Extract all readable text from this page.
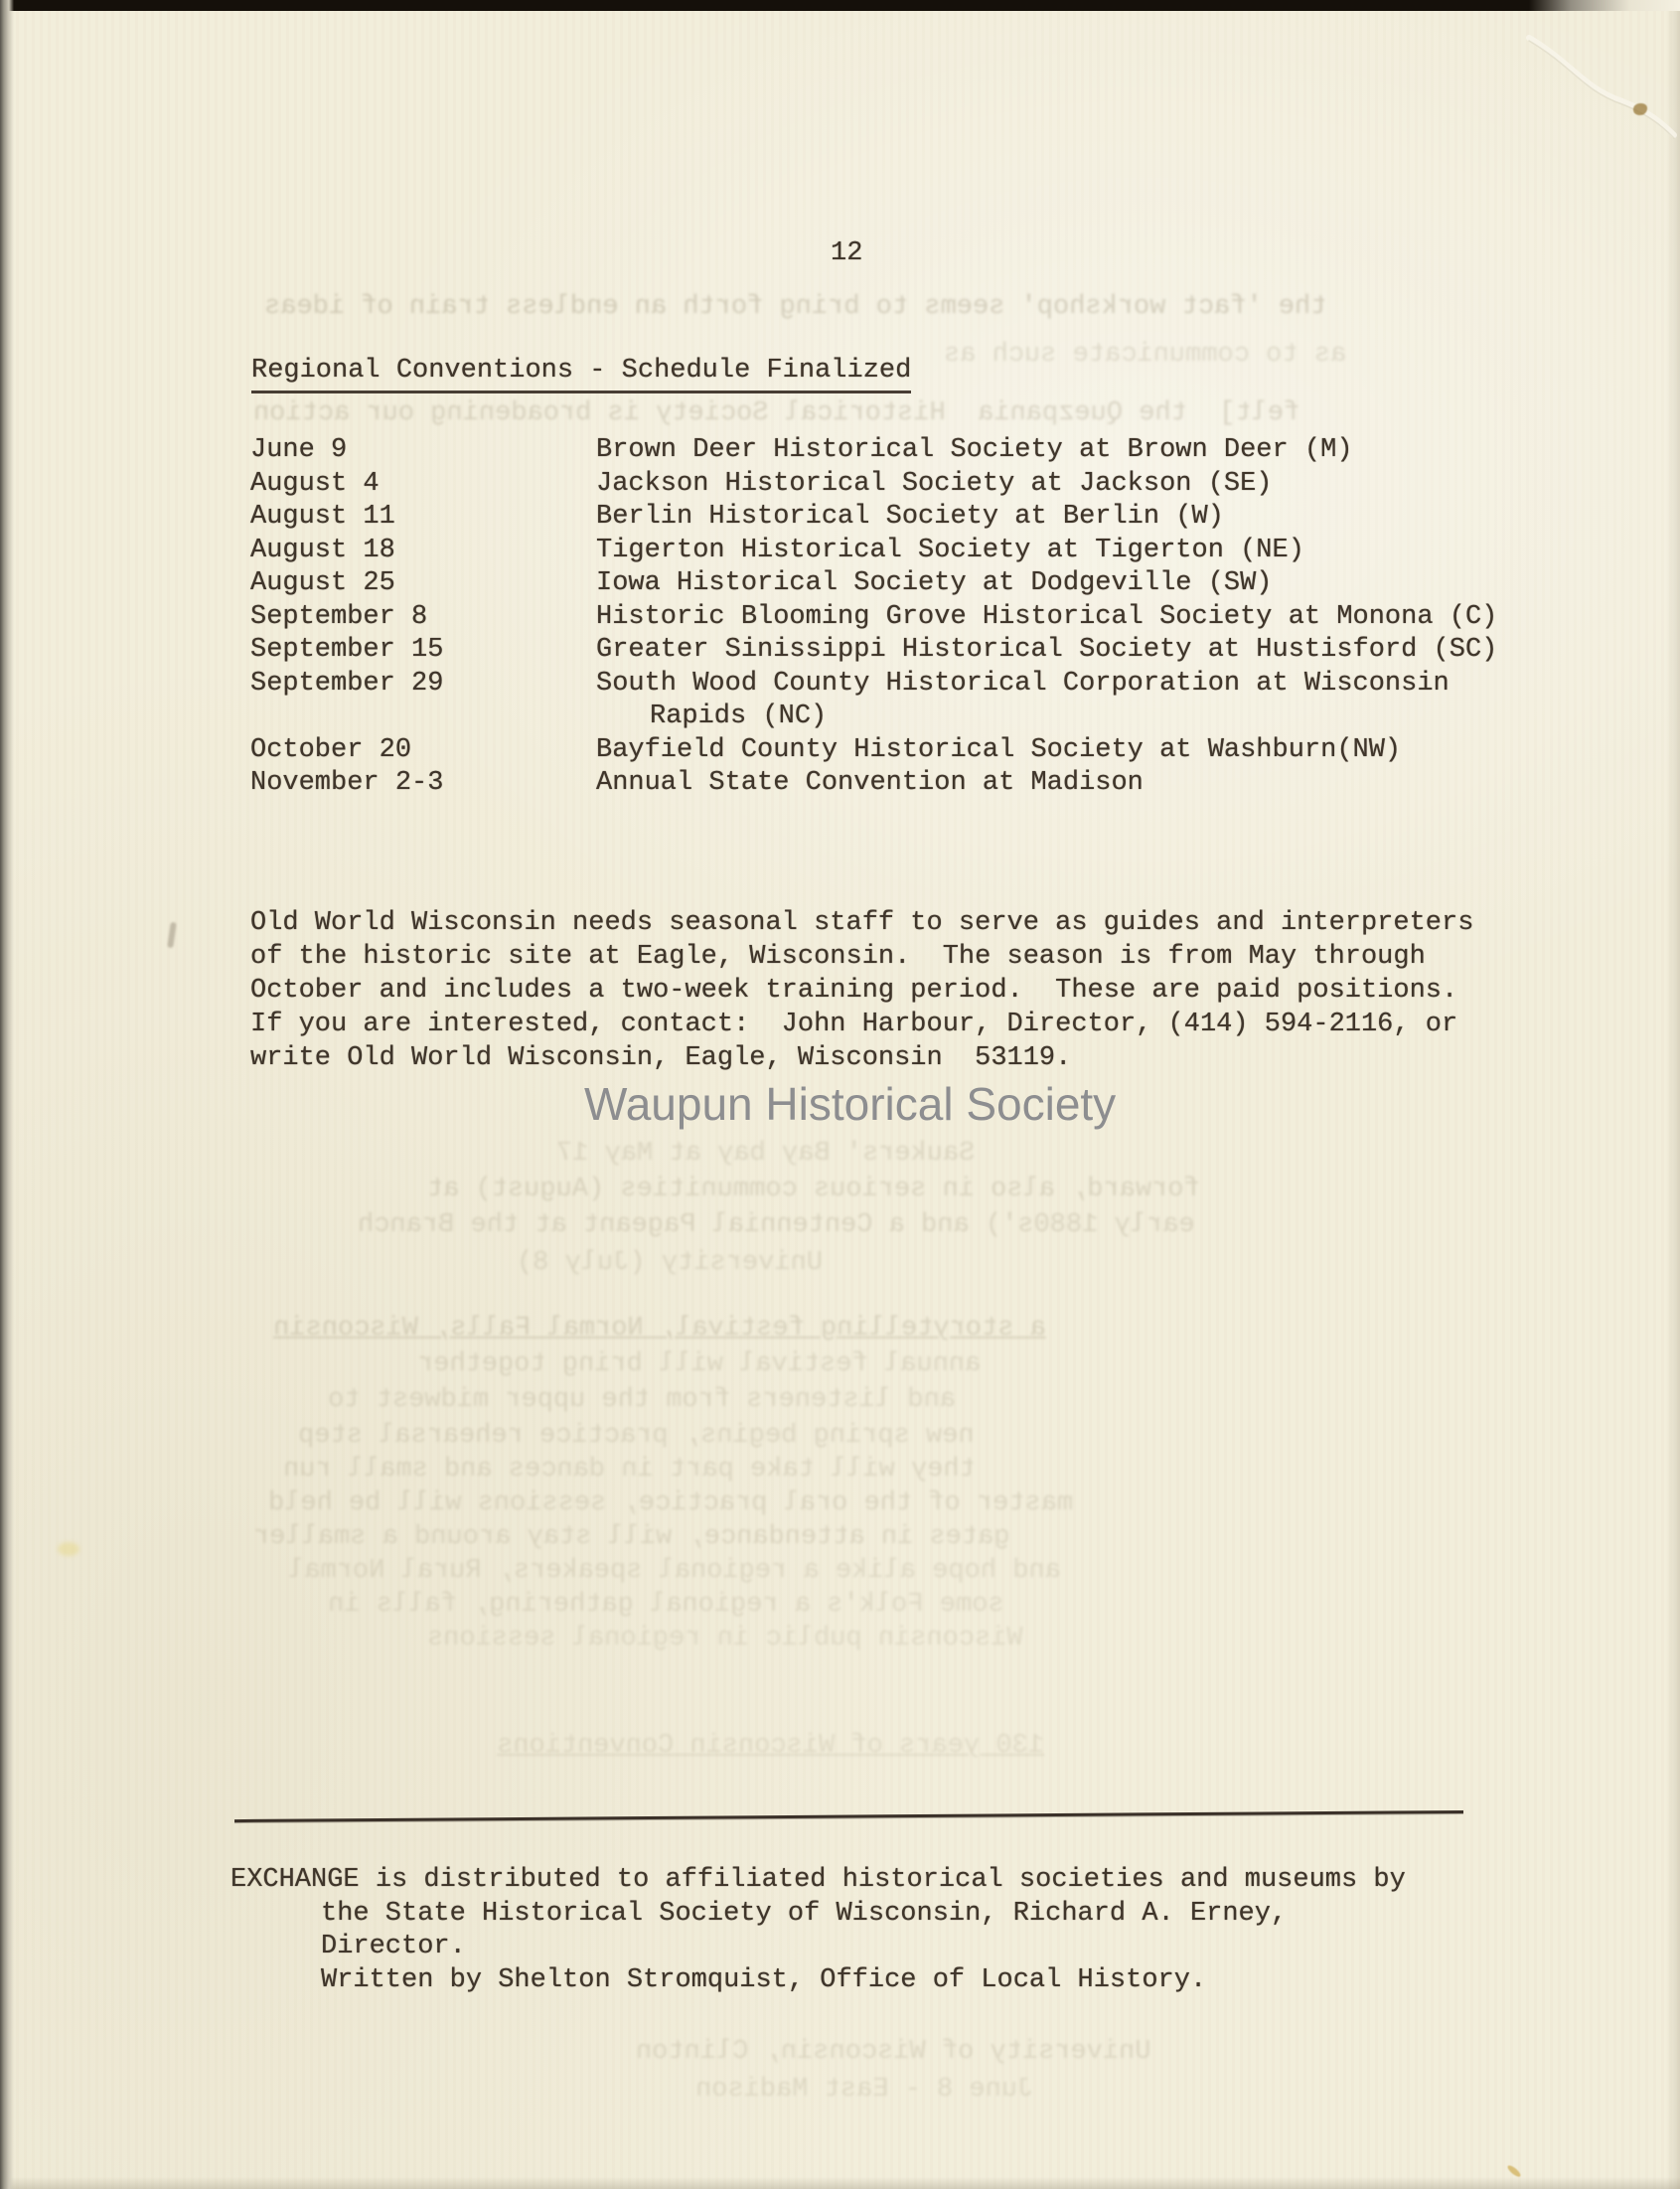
the 'fact workshop' seems to bring forth an endless train of ideas
as to communicate such as
felt]  the Quezpania  Historical Society is broadening our action
Saukers' Bay bay at May 17
forward, also in serious communities (August) at
early 1880s') and a Centennial Pageant at the Branch
University (July 8)
a storytelling festival, Normal Falls, Wisconsin
annual festival will bring together
and listeners from the upper midwest to
new spring begins, practice rehearsal step
they will take part in dances and small run
master of the oral practice, sessions will be held
gates in attendance, will stay around a smaller
and hope alike a regional speakers, Rural Normal
some Folk's a regional gathering, falls in
Wisconsin public in regional sessions
130 years of Wisconsin Conventions
University of Wisconsin, Clinton
June 8 - East Madison
12
Regional Conventions - Schedule Finalized
June 9	Brown Deer Historical Society at Brown Deer (M)
August 4	Jackson Historical Society at Jackson (SE)
August 11	Berlin Historical Society at Berlin (W)
August 18	Tigerton Historical Society at Tigerton (NE)
August 25	Iowa Historical Society at Dodgeville (SW)
September 8	Historic Blooming Grove Historical Society at Monona (C)
September 15	Greater Sinissippi Historical Society at Hustisford (SC)
September 29	South Wood County Historical Corporation at Wisconsin
Rapids (NC)
October 20	Bayfield County Historical Society at Washburn(NW)
November 2-3	Annual State Convention at Madison
Old World Wisconsin needs seasonal staff to serve as guides and interpreters
of the historic site at Eagle, Wisconsin.  The season is from May through
October and includes a two-week training period.  These are paid positions.
If you are interested, contact:  John Harbour, Director, (414) 594-2116, or
write Old World Wisconsin, Eagle, Wisconsin  53119.
Waupun Historical Society
EXCHANGE is distributed to affiliated historical societies and museums by
the State Historical Society of Wisconsin, Richard A. Erney,
Director.
Written by Shelton Stromquist, Office of Local History.
